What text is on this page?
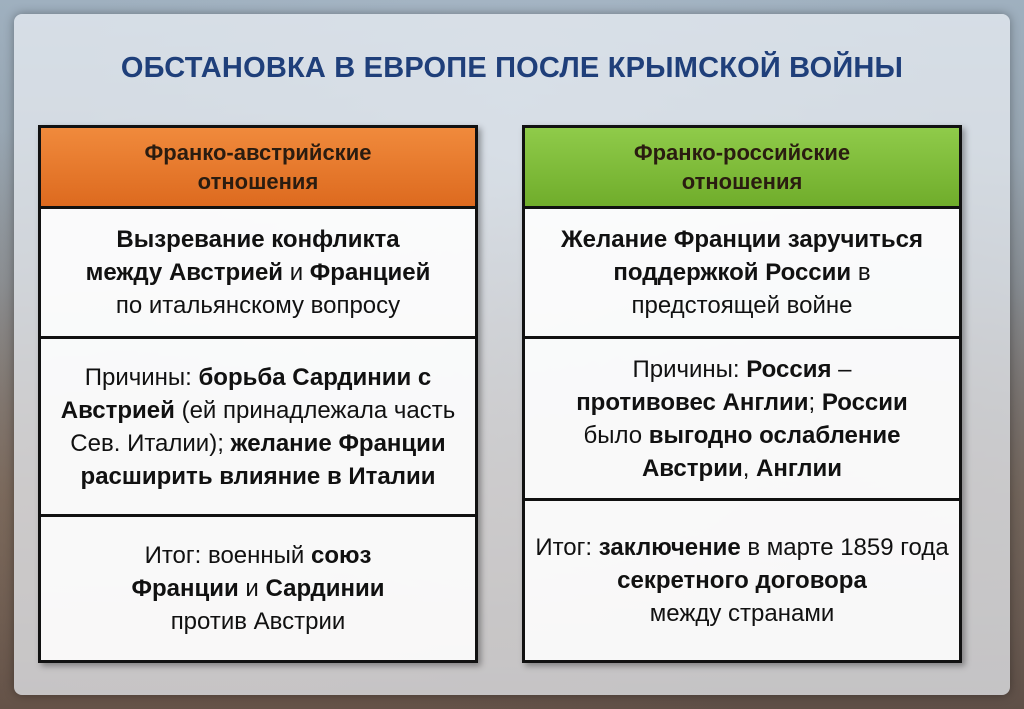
ОБСТАНОВКА В ЕВРОПЕ ПОСЛЕ КРЫМСКОЙ ВОЙНЫ
Франко-австрийские
отношения
Вызревание конфликта
между Австрией и Францией
по итальянскому вопросу
Причины: борьба Сардинии с Австрией (ей принадлежала часть Сев. Италии); желание Франции расширить влияние в Италии
Итог: военный союз
Франции и Сардинии
против Австрии
Франко-российские
отношения
Желание Франции заручиться поддержкой России в предстоящей войне
Причины: Россия –
противовес Англии; России
было выгодно ослабление
Австрии, Англии
Итог: заключение в марте 1859 года
секретного договора
между странами
